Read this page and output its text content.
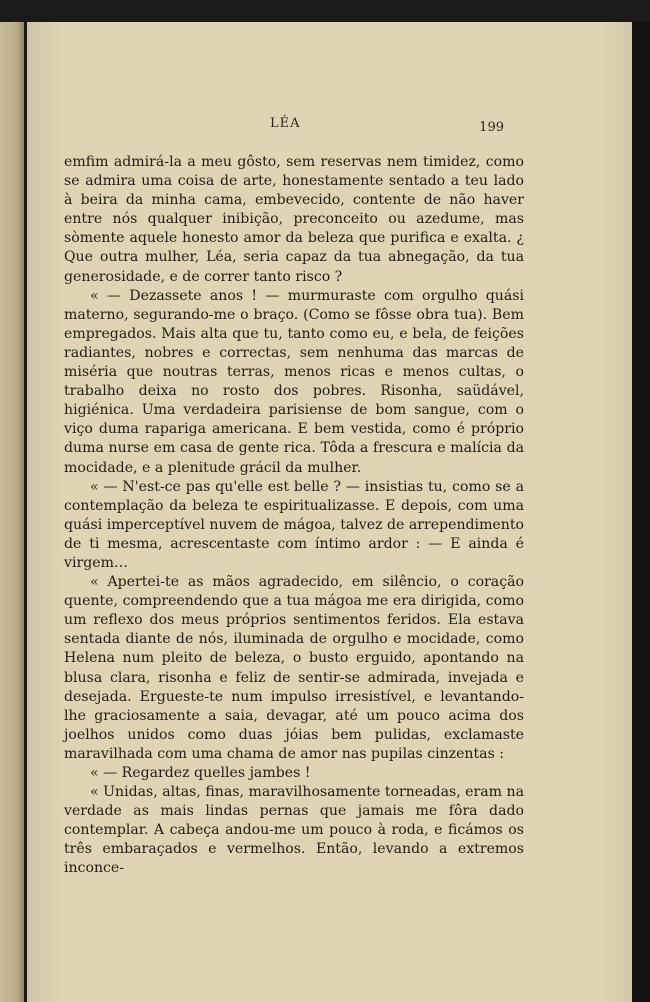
LÉA	199

emfim admirá-la a meu gôsto, sem reservas nem timidez, como se admira uma coisa de arte, honestamente sentado a teu lado à beira da minha cama, embevecido, contente de não haver entre nós qualquer inibição, preconceito ou azedume, mas sòmente aquele honesto amor da beleza que purifica e exalta. ¿ Que outra mulher, Léa, seria capaz da tua abnegação, da tua generosidade, e de correr tanto risco ?

« — Dezassete anos ! — murmuraste com orgulho quási materno, segurando-me o braço. (Como se fôsse obra tua). Bem empregados. Mais alta que tu, tanto como eu, e bela, de feições radiantes, nobres e correctas, sem nenhuma das marcas de miséria que noutras terras, menos ricas e menos cultas, o trabalho deixa no rosto dos pobres. Risonha, saüdável, higiénica. Uma verdadeira parisiense de bom sangue, com o viço duma rapariga americana. E bem vestida, como é próprio duma nurse em casa de gente rica. Tôda a frescura e malícia da mocidade, e a plenitude grácil da mulher.

« — N'est-ce pas qu'elle est belle ? — insistias tu, como se a contemplação da beleza te espiritualizasse. E depois, com uma quási imperceptível nuvem de mágoa, talvez de arrependimento de ti mesma, acrescentaste com íntimo ardor : — E ainda é virgem…

« Apertei-te as mãos agradecido, em silêncio, o coração quente, compreendendo que a tua mágoa me era dirigida, como um reflexo dos meus próprios sentimentos feridos. Ela estava sentada diante de nós, iluminada de orgulho e mocidade, como Helena num pleito de beleza, o busto erguido, apontando na blusa clara, risonha e feliz de sentir-se admirada, invejada e desejada. Ergueste-te num impulso irresistível, e levantando-lhe graciosamente a saia, devagar, até um pouco acima dos joelhos unidos como duas jóias bem pulidas, exclamaste maravilhada com uma chama de amor nas pupilas cinzentas :

« — Regardez quelles jambes !

« Unidas, altas, finas, maravilhosamente torneadas, eram na verdade as mais lindas pernas que jamais me fôra dado contemplar. A cabeça andou-me um pouco à roda, e ficámos os três embaraçados e vermelhos. Então, levando a extremos inconce-
